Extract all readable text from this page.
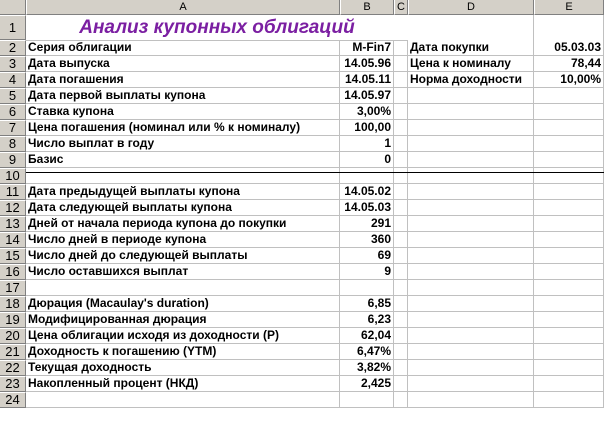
A	B	C	D	E
1
2 Серия облигации	M-Fin7 Дата покупки	05.03.03
3 Дата выпуска	14.05.96 Цена к номиналу	78,44
4 Дата погашения	14.05.11 Норма доходности	10,00%
5 Дата первой выплаты купона	14.05.97
6 Ставка купона	3,00%
7 Цена погашения (номинал или % к номиналу)	100,00
8 Число выплат в году	1
9 Базис	0
10
11 Дата предыдущей выплаты купона	14.05.02
12 Дата следующей выплаты купона	14.05.03
13 Дней от начала периода купона до покупки	291
14 Число дней в периоде купона	360
15 Число дней до следующей выплаты	69
16 Число оставшихся выплат	9
17
18 Дюрация (Macaulay's duration)	6,85
19 Модифицированная дюрация	6,23
20 Цена облигации исходя из доходности (P)	62,04
21 Доходность к погашению (YTM)	6,47%
22 Текущая доходность	3,82%
23 Накопленный процент (НКД)	2,425
24
Анализ купонных облигаций
